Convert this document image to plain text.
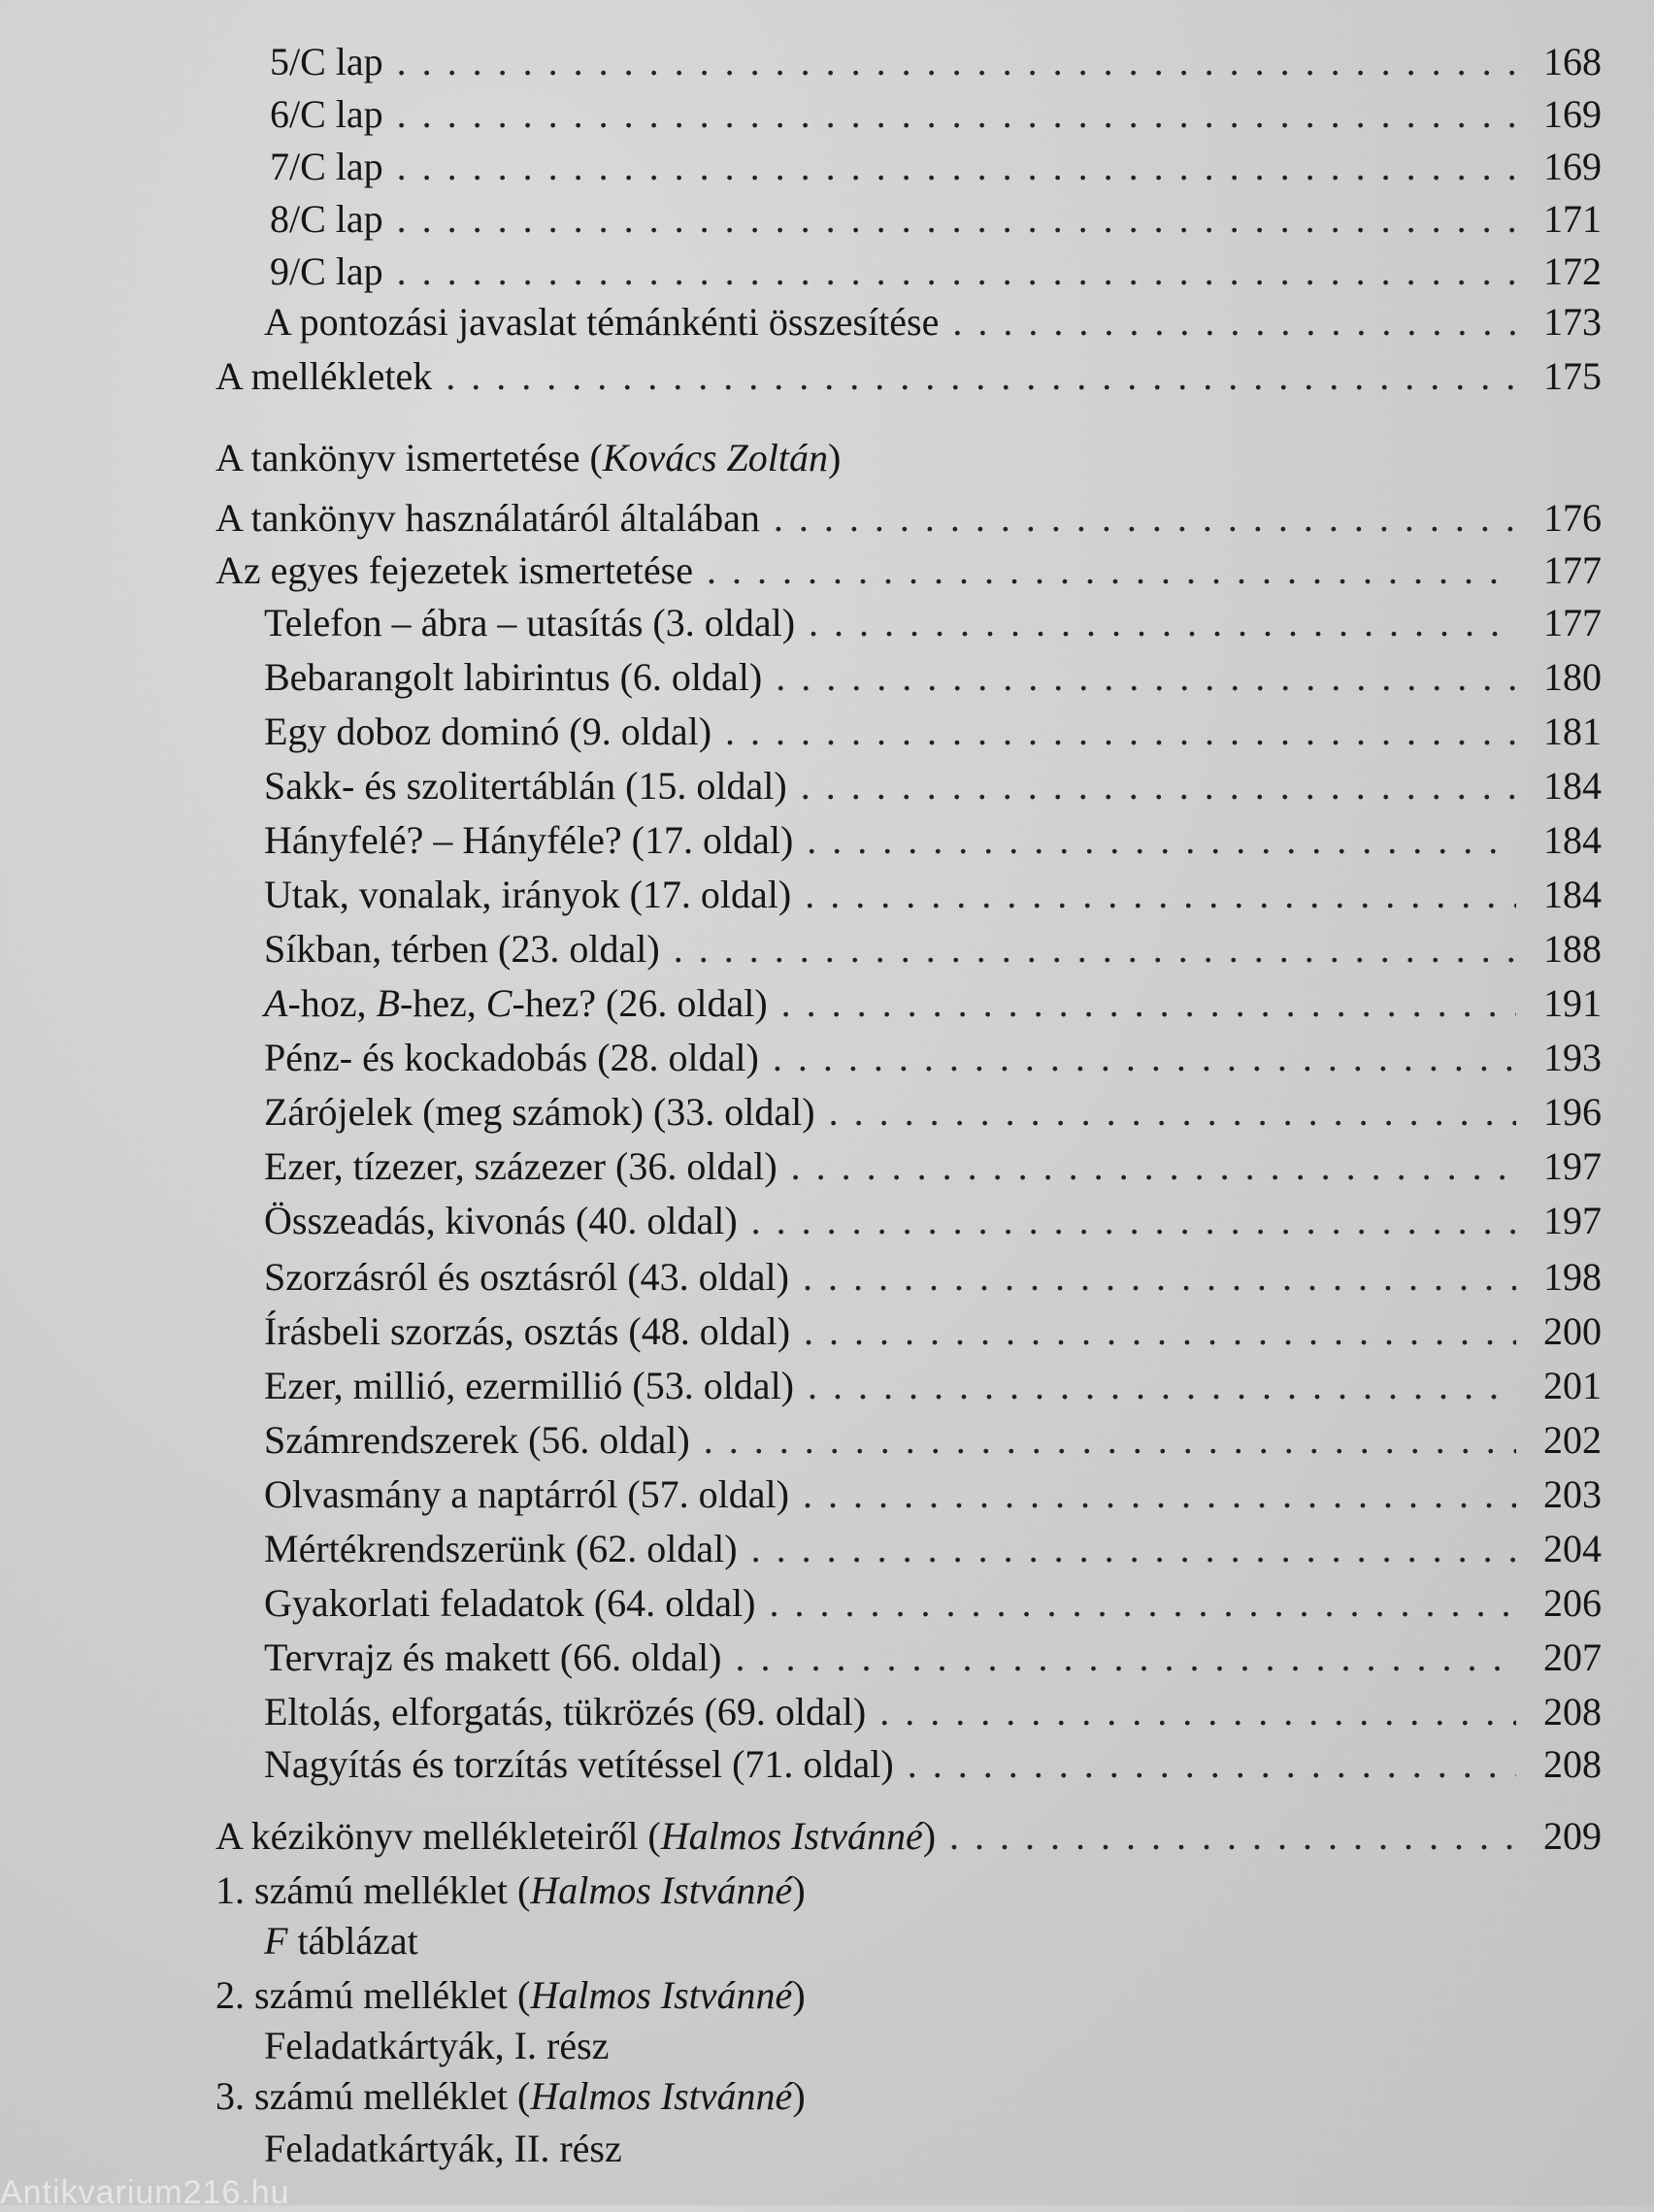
5/C lap . . .	168
6/C lap . . .	169
7/C lap . . .	169
8/C lap . . .	171
9/C lap . . .	172
A pontozási javaslat témánkénti összesítése . . .	173
A mellékletek . . .	175
A tankönyv ismertetése (Kovács Zoltán)
A tankönyv használatáról általában . . .	176
Az egyes fejezetek ismertetése . . .	177
Telefon – ábra – utasítás (3. oldal) . . .	177
Bebarangolt labirintus (6. oldal) . . .	180
Egy doboz dominó (9. oldal) . . .	181
Sakk- és szolitertáblán (15. oldal) . . .	184
Hányfelé? – Hányféle? (17. oldal) . . .	184
Utak, vonalak, irányok (17. oldal) . . .	184
Síkban, térben (23. oldal) . . .	188
A-hoz, B-hez, C-hez? (26. oldal) . . .	191
Pénz- és kockadobás (28. oldal) . . .	193
Zárójelek (meg számok) (33. oldal) . . .	196
Ezer, tízezer, százezer (36. oldal) . . .	197
Összeadás, kivonás (40. oldal) . . .	197
Szorzásról és osztásról (43. oldal) . . .	198
Írásbeli szorzás, osztás (48. oldal) . . .	200
Ezer, millió, ezermillió (53. oldal) . . .	201
Számrendszerek (56. oldal) . . .	202
Olvasmány a naptárról (57. oldal) . . .	203
Mértékrendszerünk (62. oldal) . . .	204
Gyakorlati feladatok (64. oldal) . . .	206
Tervrajz és makett (66. oldal) . . .	207
Eltolás, elforgatás, tükrözés (69. oldal) . . .	208
Nagyítás és torzítás vetítéssel (71. oldal) . . .	208
A kézikönyv mellékleteiről (Halmos Istvánné) . . .	209
1. számú melléklet (Halmos Istvánné)
F táblázat
2. számú melléklet (Halmos Istvánné)
Feladatkártyák, I. rész
3. számú melléklet (Halmos Istvánné)
Feladatkártyák, II. rész
Antikvarium216.hu
